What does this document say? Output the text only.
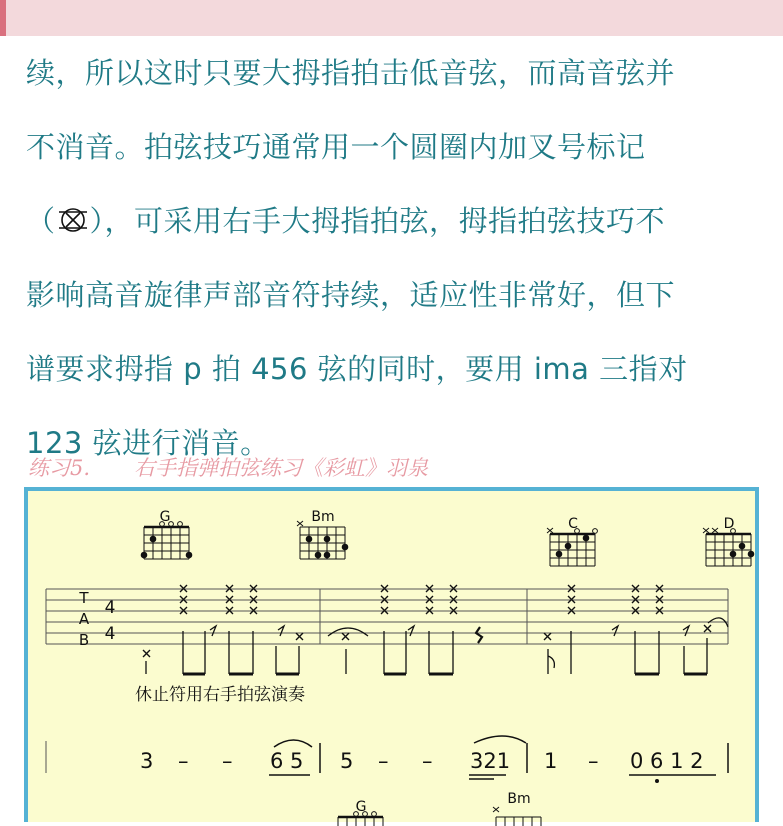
续，所以这时只要大拇指拍击低音弦，而高音弦并
不消音。拍弦技巧通常用一个圆圈内加叉号标记
（ ），可采用右手大拇指拍弦，拇指拍弦技巧不
影响高音旋律声部音符持续，适应性非常好，但下
谱要求拇指 p 拍 456 弦的同时，要用 ima 三指对
123 弦进行消音。
练习5. 右手指弹拍弦练习《彩虹》羽泉
G	Bm	C	D
T
A
B
4
4
休止符用右手拍弦演奏
3 – – 6 5 5 – – 321 1 – 0 6 1 2
G	Bm
